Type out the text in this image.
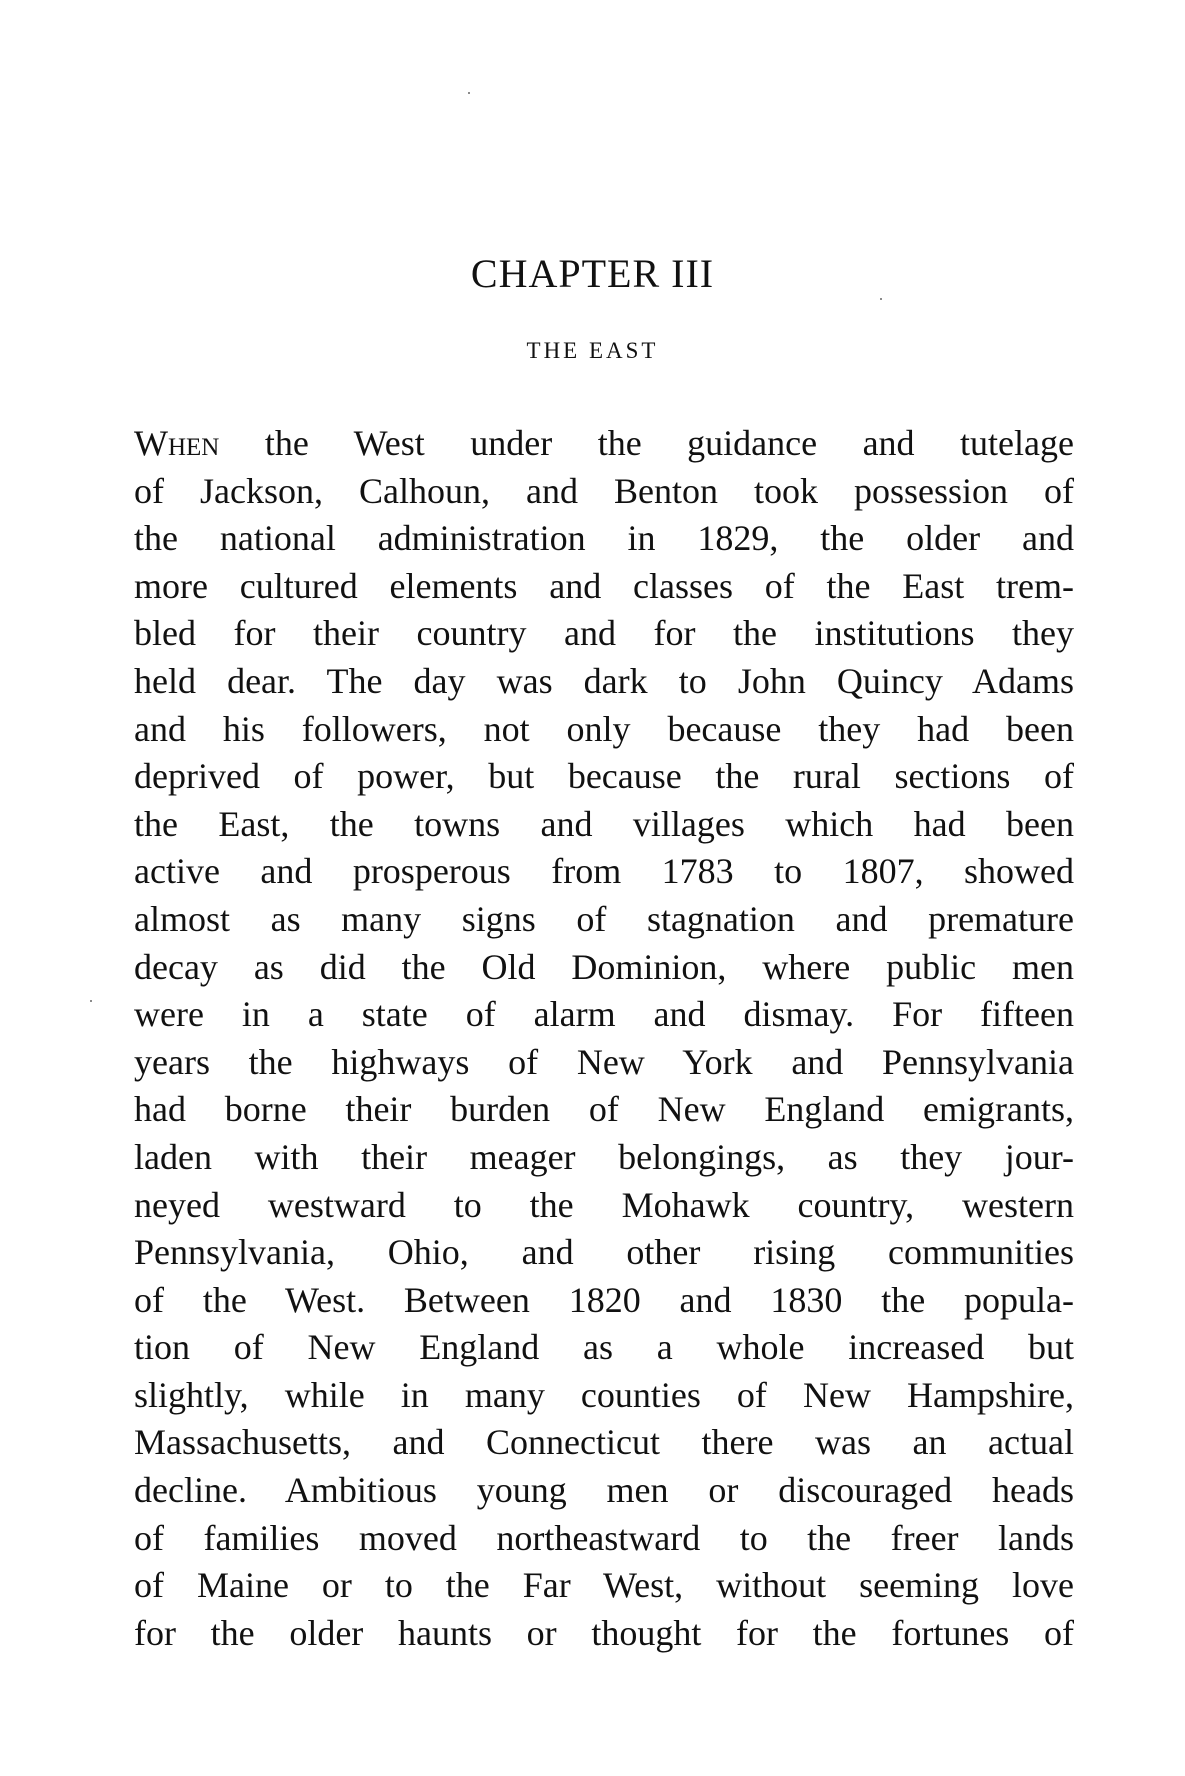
CHAPTER III
THE EAST
When the West under the guidance and tutelage
of Jackson, Calhoun, and Benton took possession of
the national administration in 1829, the older and
more cultured elements and classes of the East trem-
bled for their country and for the institutions they
held dear. The day was dark to John Quincy Adams
and his followers, not only because they had been
deprived of power, but because the rural sections of
the East, the towns and villages which had been
active and prosperous from 1783 to 1807, showed
almost as many signs of stagnation and premature
decay as did the Old Dominion, where public men
were in a state of alarm and dismay. For fifteen
years the highways of New York and Pennsylvania
had borne their burden of New England emigrants,
laden with their meager belongings, as they jour-
neyed westward to the Mohawk country, western
Pennsylvania, Ohio, and other rising communities
of the West. Between 1820 and 1830 the popula-
tion of New England as a whole increased but
slightly, while in many counties of New Hampshire,
Massachusetts, and Connecticut there was an actual
decline. Ambitious young men or discouraged heads
of families moved northeastward to the freer lands
of Maine or to the Far West, without seeming love
for the older haunts or thought for the fortunes of
